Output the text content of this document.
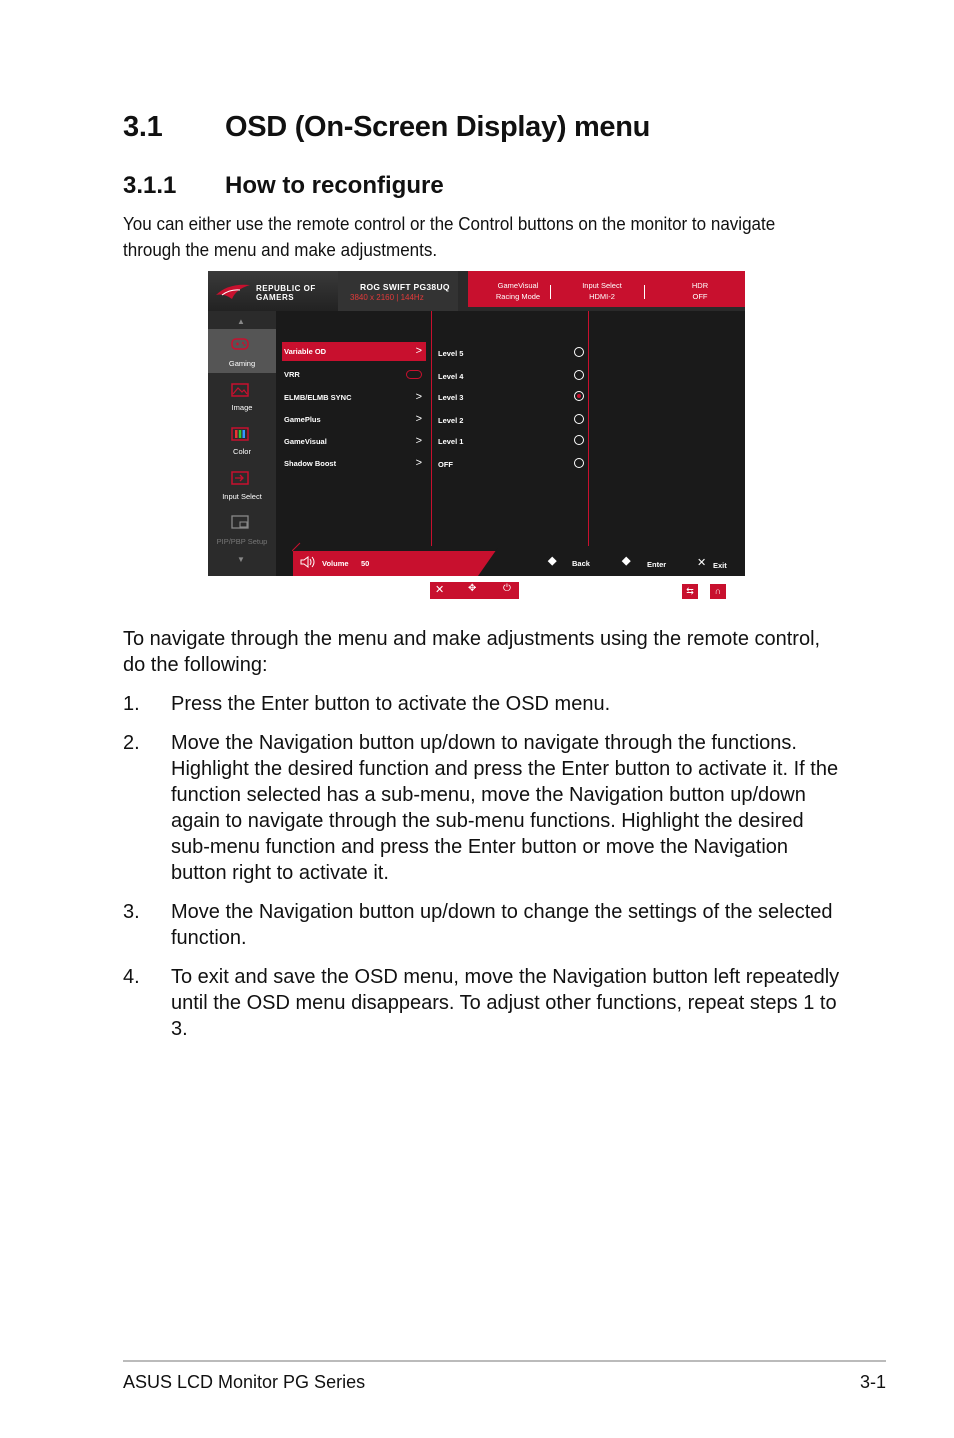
3.1 OSD (On-Screen Display) menu
3.1.1 How to reconfigure
You can either use the remote control or the Control buttons on the monitor to navigate through the menu and make adjustments.
REPUBLIC OF
GAMERS
ROG SWIFT PG38UQ
3840 x 2160 | 144Hz
GameVisual
Racing Mode
Input Select
HDMI-2
HDR
OFF
▲
Gaming
Image
Color
Input Select
PIP/PBP Setup
▼
Variable OD	>
VRR
ELMB/ELMB SYNC	>
GamePlus	>
GameVisual	>
Shadow Boost	>
Level 5
Level 4
Level 3
Level 2
Level 1
OFF
Volume 50	◆ Back	◆ Enter	✕ Exit
✕ ✥	⏻	⇆	∩
To navigate through the menu and make adjustments using the remote control, do the following:
1. Press the Enter button to activate the OSD menu.
2. Move the Navigation button up/down to navigate through the functions. Highlight the desired function and press the Enter button to activate it. If the function selected has a sub-menu, move the Navigation button up/down again to navigate through the sub-menu functions. Highlight the desired sub-menu function and press the Enter button or move the Navigation button right to activate it.
3. Move the Navigation button up/down to change the settings of the selected function.
4. To exit and save the OSD menu, move the Navigation button left repeatedly until the OSD menu disappears. To adjust other functions, repeat steps 1 to 3.
ASUS LCD Monitor PG Series	3-1
